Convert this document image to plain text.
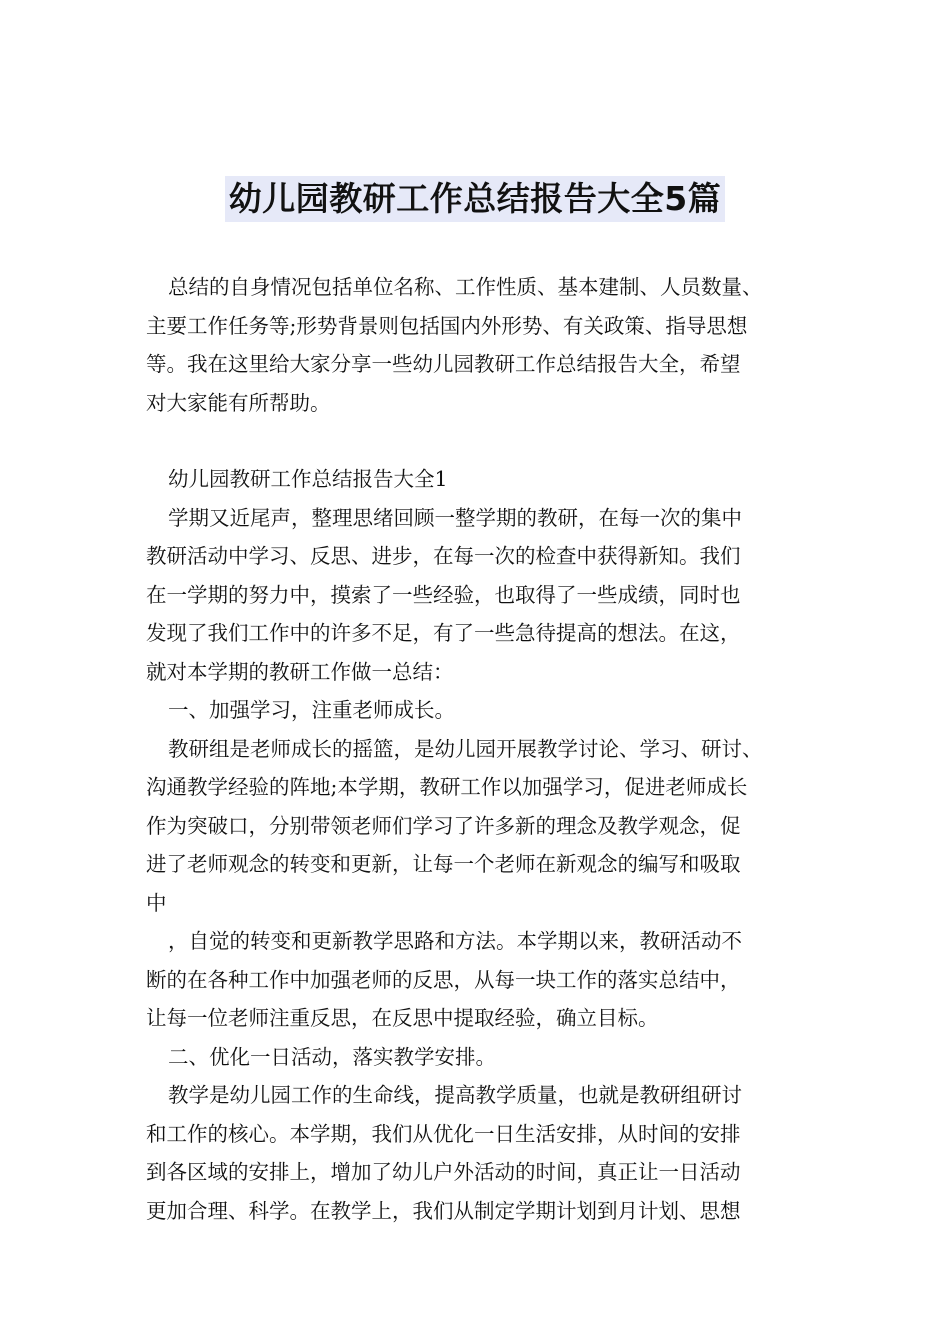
幼儿园教研工作总结报告大全5篇

总结的自身情况包括单位名称、工作性质、基本建制、人员数量、

主要工作任务等;形势背景则包括国内外形势、有关政策、指导思想

等。我在这里给大家分享一些幼儿园教研工作总结报告大全，希望

对大家能有所帮助。

幼儿园教研工作总结报告大全1

学期又近尾声，整理思绪回顾一整学期的教研，在每一次的集中

教研活动中学习、反思、进步，在每一次的检查中获得新知。我们

在一学期的努力中，摸索了一些经验，也取得了一些成绩，同时也

发现了我们工作中的许多不足，有了一些急待提高的想法。在这，

就对本学期的教研工作做一总结：

一、加强学习，注重老师成长。

教研组是老师成长的摇篮，是幼儿园开展教学讨论、学习、研讨、

沟通教学经验的阵地;本学期，教研工作以加强学习，促进老师成长

作为突破口，分别带领老师们学习了许多新的理念及教学观念，促

进了老师观念的转变和更新，让每一个老师在新观念的编写和吸取

中

，自觉的转变和更新教学思路和方法。本学期以来，教研活动不

断的在各种工作中加强老师的反思，从每一块工作的落实总结中，

让每一位老师注重反思，在反思中提取经验，确立目标。

二、优化一日活动，落实教学安排。

教学是幼儿园工作的生命线，提高教学质量，也就是教研组研讨

和工作的核心。本学期，我们从优化一日生活安排，从时间的安排

到各区域的安排上，增加了幼儿户外活动的时间，真正让一日活动

更加合理、科学。在教学上，我们从制定学期计划到月计划、思想
